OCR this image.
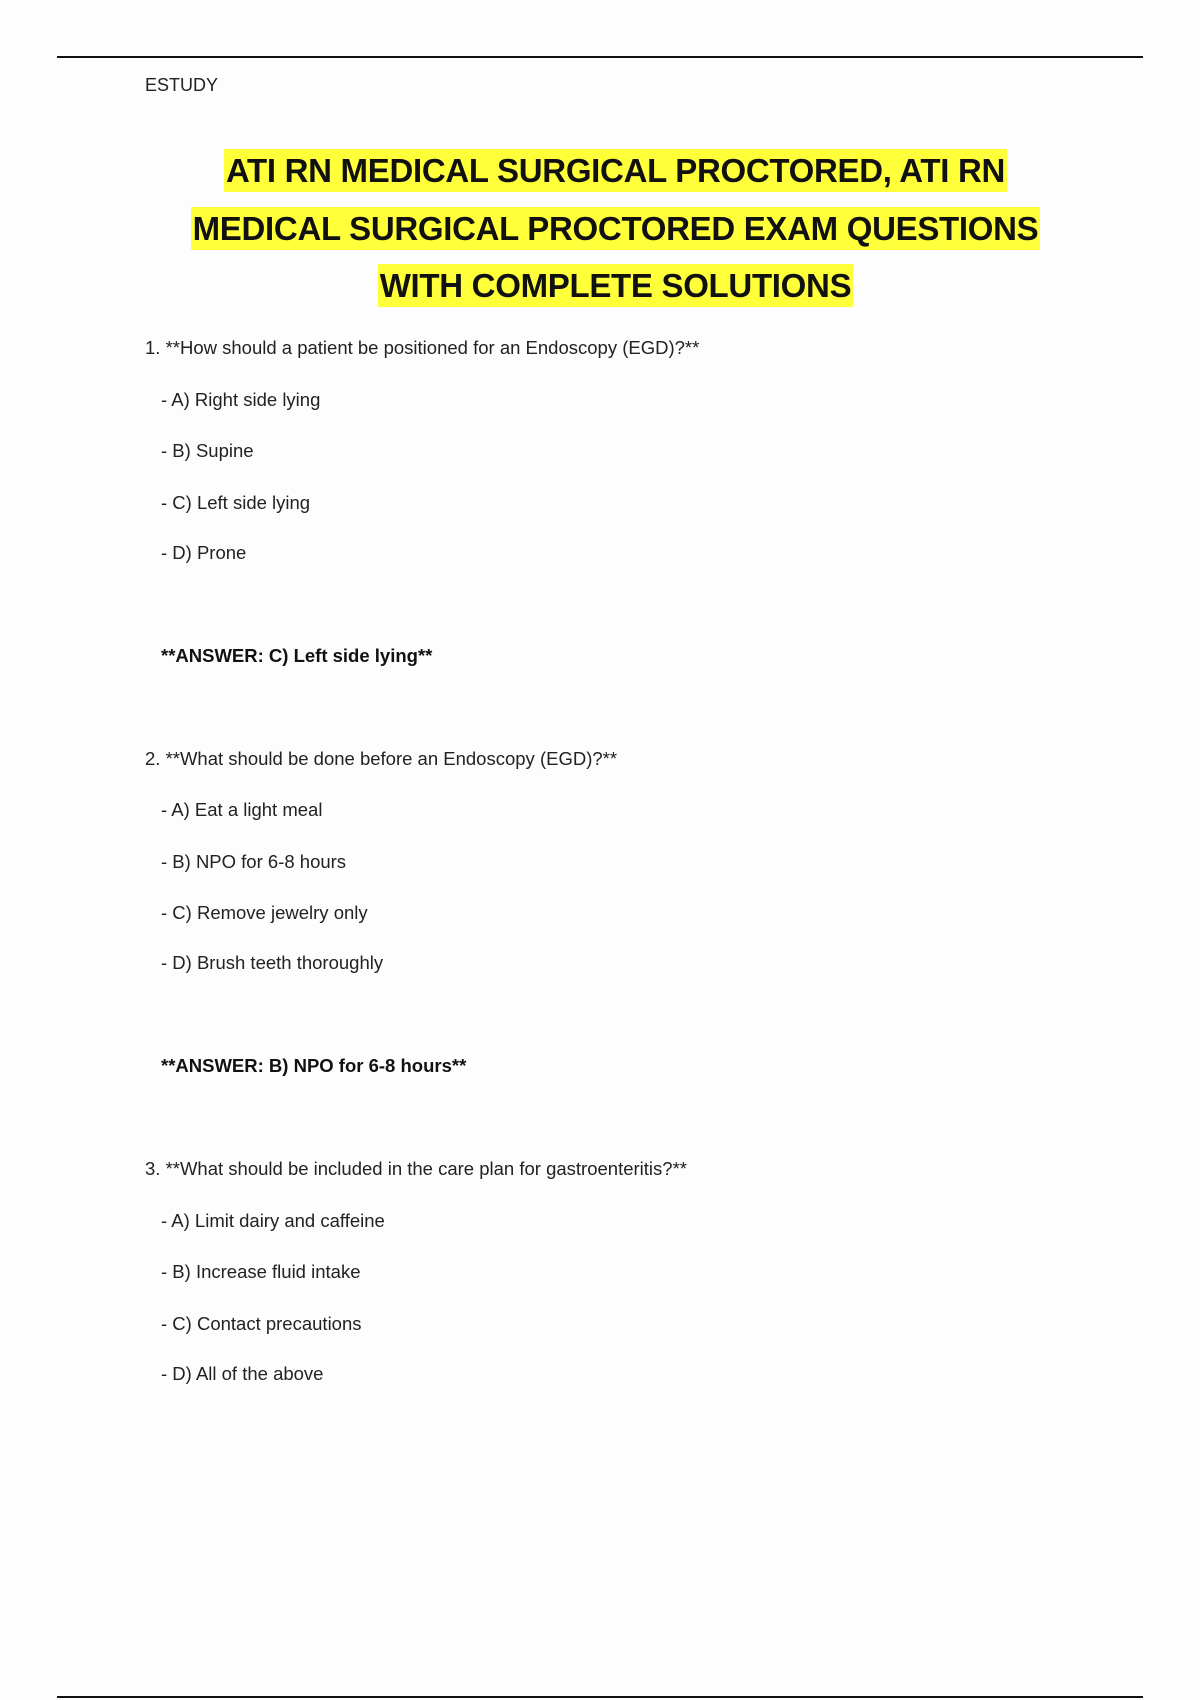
ESTUDY
ATI RN MEDICAL SURGICAL PROCTORED, ATI RN
MEDICAL SURGICAL PROCTORED EXAM QUESTIONS
WITH COMPLETE SOLUTIONS

1. **How should a patient be positioned for an Endoscopy (EGD)?**

- A) Right side lying

- B) Supine

- C) Left side lying

- D) Prone

**ANSWER: C) Left side lying**

2. **What should be done before an Endoscopy (EGD)?**

- A) Eat a light meal

- B) NPO for 6-8 hours

- C) Remove jewelry only

- D) Brush teeth thoroughly

**ANSWER: B) NPO for 6-8 hours**

3. **What should be included in the care plan for gastroenteritis?**

- A) Limit dairy and caffeine

- B) Increase fluid intake

- C) Contact precautions

- D) All of the above
